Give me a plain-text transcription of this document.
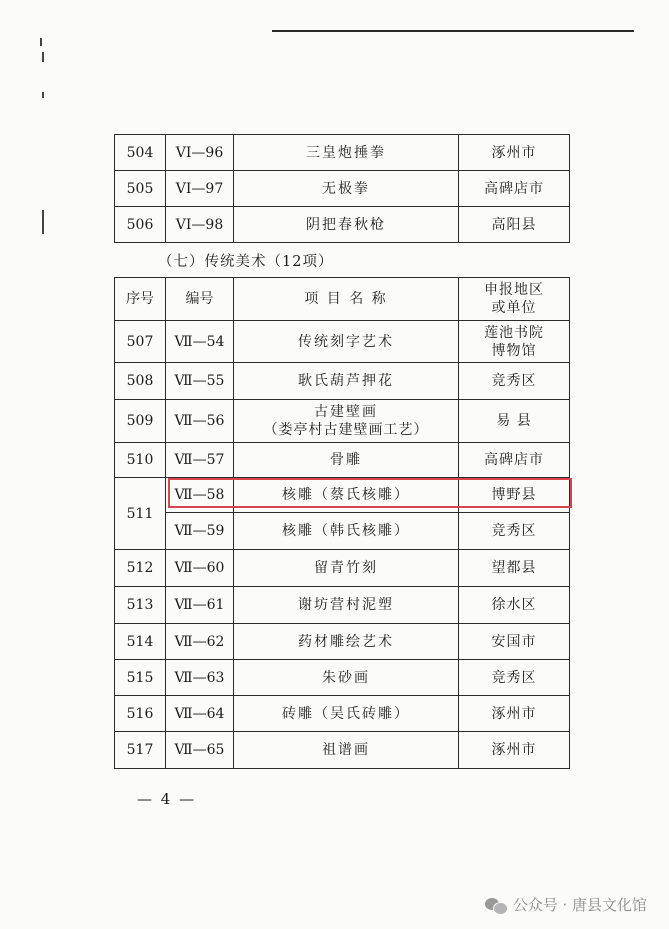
504	VI—96	三皇炮捶拳	涿州市
505	VI—97	无极拳	高碑店市
506	VI—98	阴把春秋枪	高阳县
（七）传统美术（12项）
序号	编号	项 目 名 称	申报地区
或单位

507	Ⅶ—54	传统刻字艺术	莲池书院
博物馆

508	Ⅶ—55	耿氏葫芦押花	竞秀区
509	Ⅶ—56	古建壁画
（娄亭村古建壁画工艺）	易 县
510	Ⅶ—57	骨雕	高碑店市
511	Ⅶ—58	核雕（蔡氏核雕）	博野县
	Ⅶ—59	核雕（韩氏核雕）	竞秀区
512	Ⅶ—60	留青竹刻	望都县
513	Ⅶ—61	谢坊营村泥塑	徐水区
514	Ⅶ—62	药材雕绘艺术	安国市
515	Ⅶ—63	朱砂画	竞秀区
516	Ⅶ—64	砖雕（吴氏砖雕）	涿州市
517	Ⅶ—65	祖谱画	涿州市
— 4 —
公众号 · 唐县文化馆
